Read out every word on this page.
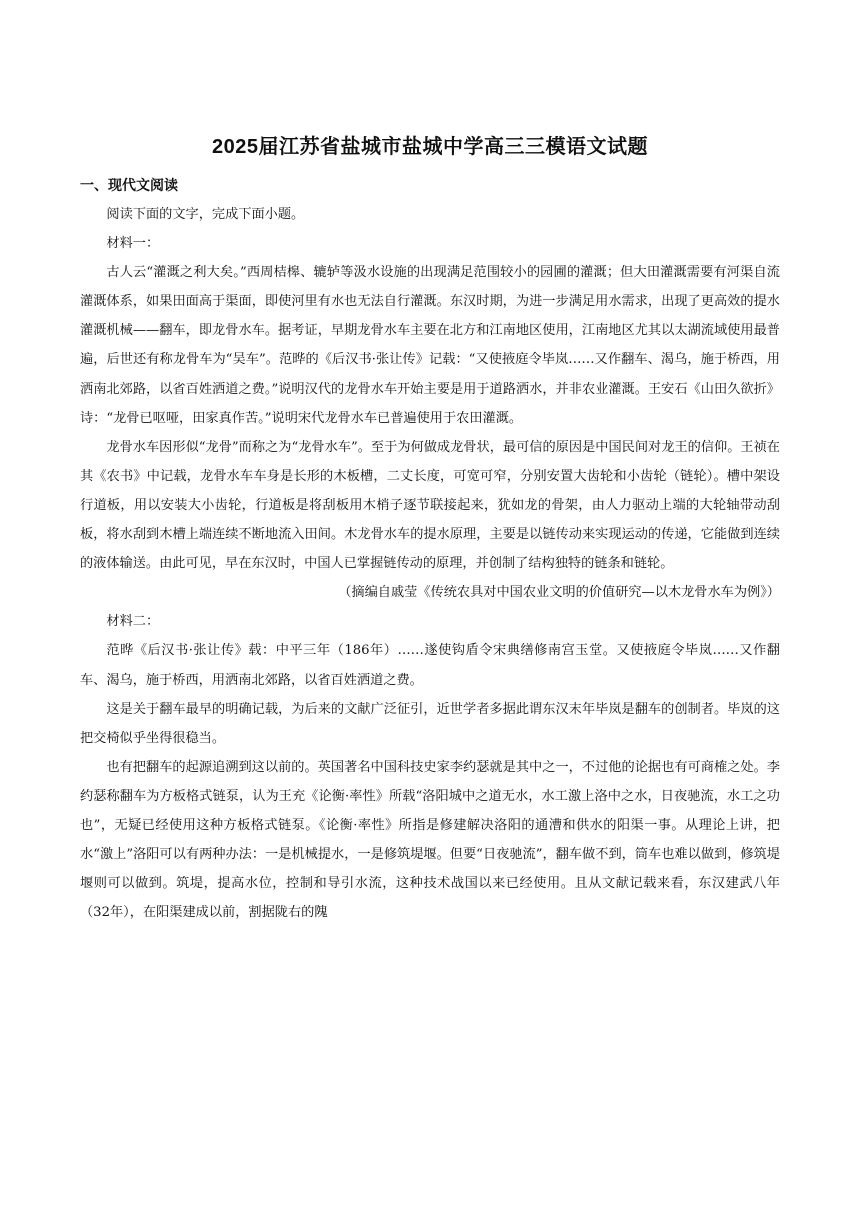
2025届江苏省盐城市盐城中学高三三模语文试题
一、现代文阅读

阅读下面的文字，完成下面小题。

材料一：

古人云“灌溉之利大矣。”西周桔槔、辘轳等汲水设施的出现满足范围较小的园圃的灌溉；但大田灌溉需要有河渠自流灌溉体系，如果田面高于渠面，即使河里有水也无法自行灌溉。东汉时期，为进一步满足用水需求，出现了更高效的提水灌溉机械——翻车，即龙骨水车。据考证，早期龙骨水车主要在北方和江南地区使用，江南地区尤其以太湖流域使用最普遍，后世还有称龙骨车为“吴车”。范晔的《后汉书·张让传》记载：“又使掖庭令毕岚……又作翻车、渴乌，施于桥西，用洒南北郊路，以省百姓洒道之费。”说明汉代的龙骨水车开始主要是用于道路洒水，并非农业灌溉。王安石《山田久欲折》诗：“龙骨已呕哑，田家真作苦。”说明宋代龙骨水车已普遍使用于农田灌溉。

龙骨水车因形似“龙骨”而称之为“龙骨水车”。至于为何做成龙骨状，最可信的原因是中国民间对龙王的信仰。王祯在其《农书》中记载，龙骨水车车身是长形的木板槽，二丈长度，可宽可窄，分别安置大齿轮和小齿轮（链轮）。槽中架设行道板，用以安装大小齿轮，行道板是将刮板用木梢子逐节联接起来，犹如龙的骨架，由人力驱动上端的大轮轴带动刮板，将水刮到木槽上端连续不断地流入田间。木龙骨水车的提水原理，主要是以链传动来实现运动的传递，它能做到连续的液体输送。由此可见，早在东汉时，中国人已掌握链传动的原理，并创制了结构独特的链条和链轮。

（摘编自戚莹《传统农具对中国农业文明的价值研究—以木龙骨水车为例》）

材料二：

范晔《后汉书·张让传》载：中平三年（186年）……遂使钩盾令宋典缮修南宫玉堂。又使掖庭令毕岚……又作翻车、渴乌，施于桥西，用洒南北郊路，以省百姓洒道之费。

这是关于翻车最早的明确记载，为后来的文献广泛征引，近世学者多据此谓东汉末年毕岚是翻车的创制者。毕岚的这把交椅似乎坐得很稳当。

也有把翻车的起源追溯到这以前的。英国著名中国科技史家李约瑟就是其中之一，不过他的论据也有可商榷之处。李约瑟称翻车为方板格式链泵，认为王充《论衡·率性》所载“洛阳城中之道无水，水工激上洛中之水，日夜驰流，水工之功也”，无疑已经使用这种方板格式链泵。《论衡·率性》所指是修建解决洛阳的通漕和供水的阳渠一事。从理论上讲，把水“激上”洛阳可以有两种办法：一是机械提水，一是修筑堤堰。但要“日夜驰流”，翻车做不到，筒车也难以做到，修筑堤堰则可以做到。筑堤，提高水位，控制和导引水流，这种技术战国以来已经使用。且从文献记载来看，东汉建武八年（32年），在阳渠建成以前，割据陇右的隗
